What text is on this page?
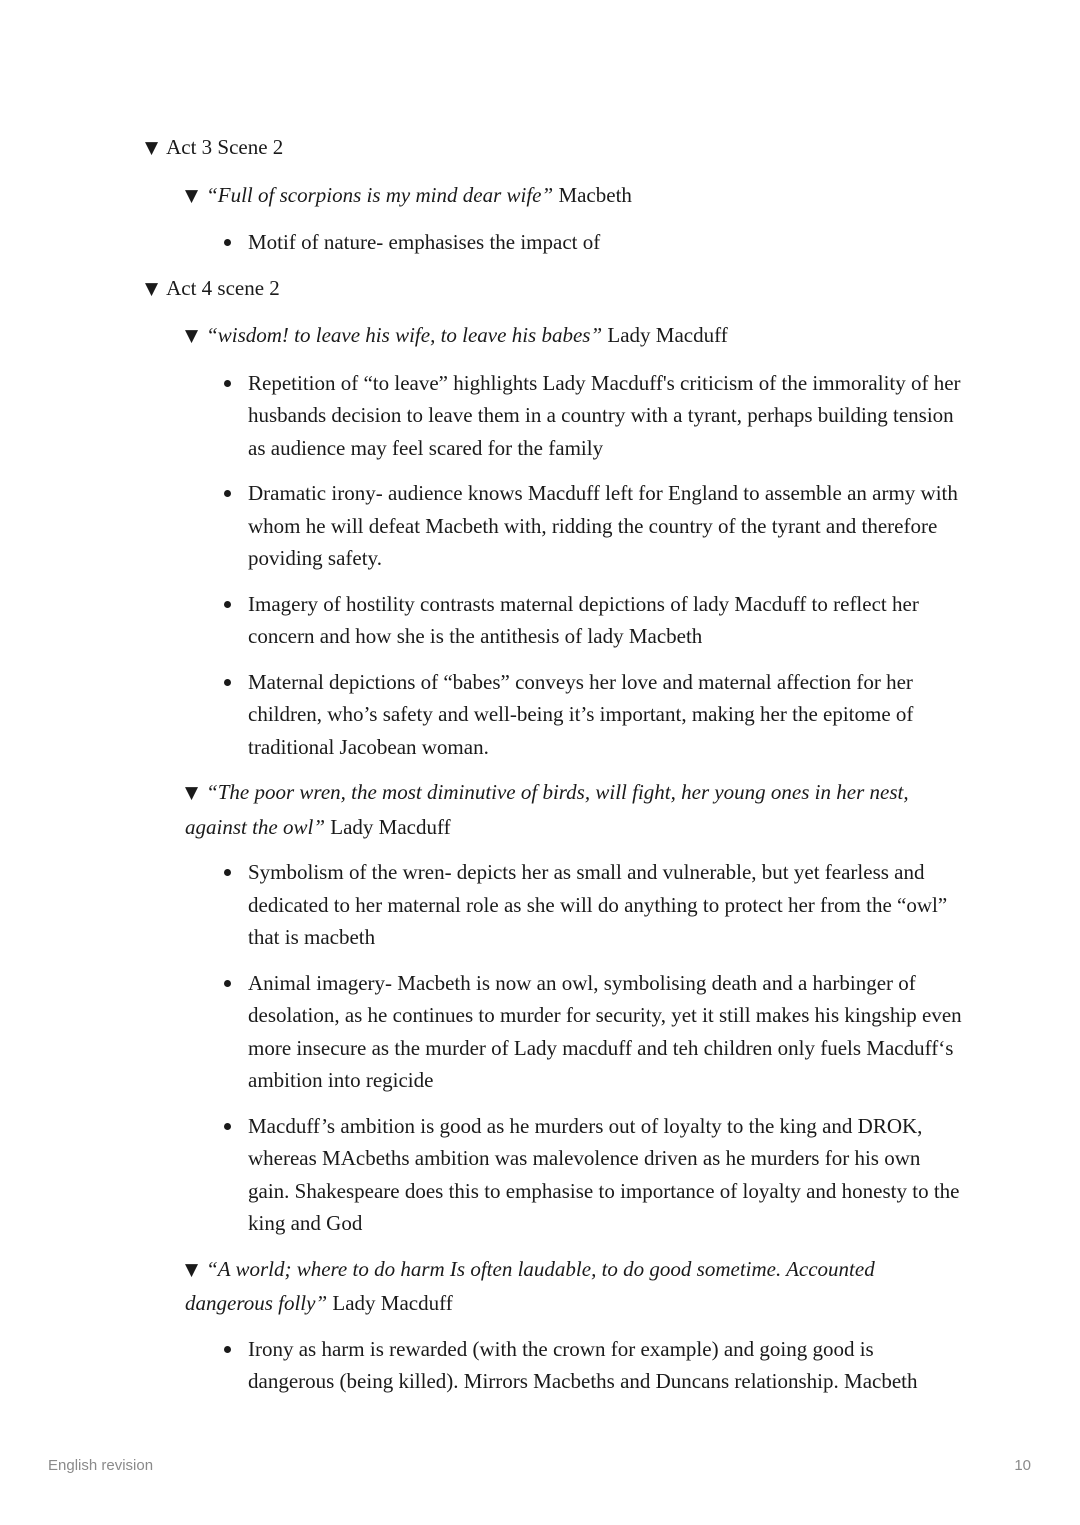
▼ Act 3 Scene 2
▼ “Full of scorpions is my mind dear wife” Macbeth
Motif of nature- emphasises the impact of
▼ Act 4 scene 2
▼ “wisdom! to leave his wife, to leave his babes” Lady Macduff
Repetition of “to leave” highlights Lady Macduff's criticism of the immorality of her husbands decision to leave them in a country with a tyrant, perhaps building tension as audience may feel scared for the family
Dramatic irony- audience knows Macduff left for England to assemble an army with whom he will defeat Macbeth with, ridding the country of the tyrant and therefore poviding safety.
Imagery of hostility contrasts maternal depictions of lady Macduff to reflect her concern and how she is the antithesis of lady Macbeth
Maternal depictions of “babes” conveys her love and maternal affection for her children, who’s safety and well-being it’s important, making her the epitome of traditional Jacobean woman.
▼ “The poor wren, the most diminutive of birds, will fight, her young ones in her nest, against the owl” Lady Macduff
Symbolism of the wren- depicts her as small and vulnerable, but yet fearless and dedicated to her maternal role as she will do anything to protect her from the “owl” that is macbeth
Animal imagery- Macbeth is now an owl, symbolising death and a harbinger of desolation, as he continues to murder for security, yet it still makes his kingship even more insecure as the murder of Lady macduff and teh children only fuels Macduff‘s ambition into regicide
Macduff’s ambition is good as he murders out of loyalty to the king and DROK, whereas MAcbeths ambition was malevolence driven as he murders for his own gain. Shakespeare does this to emphasise to importance of loyalty and honesty to the king and God
▼ “A world; where to do harm Is often laudable, to do good sometime. Accounted dangerous folly” Lady Macduff
Irony as harm is rewarded (with the crown for example) and going good is dangerous (being killed). Mirrors Macbeths and Duncans relationship. Macbeth
English revision	10
